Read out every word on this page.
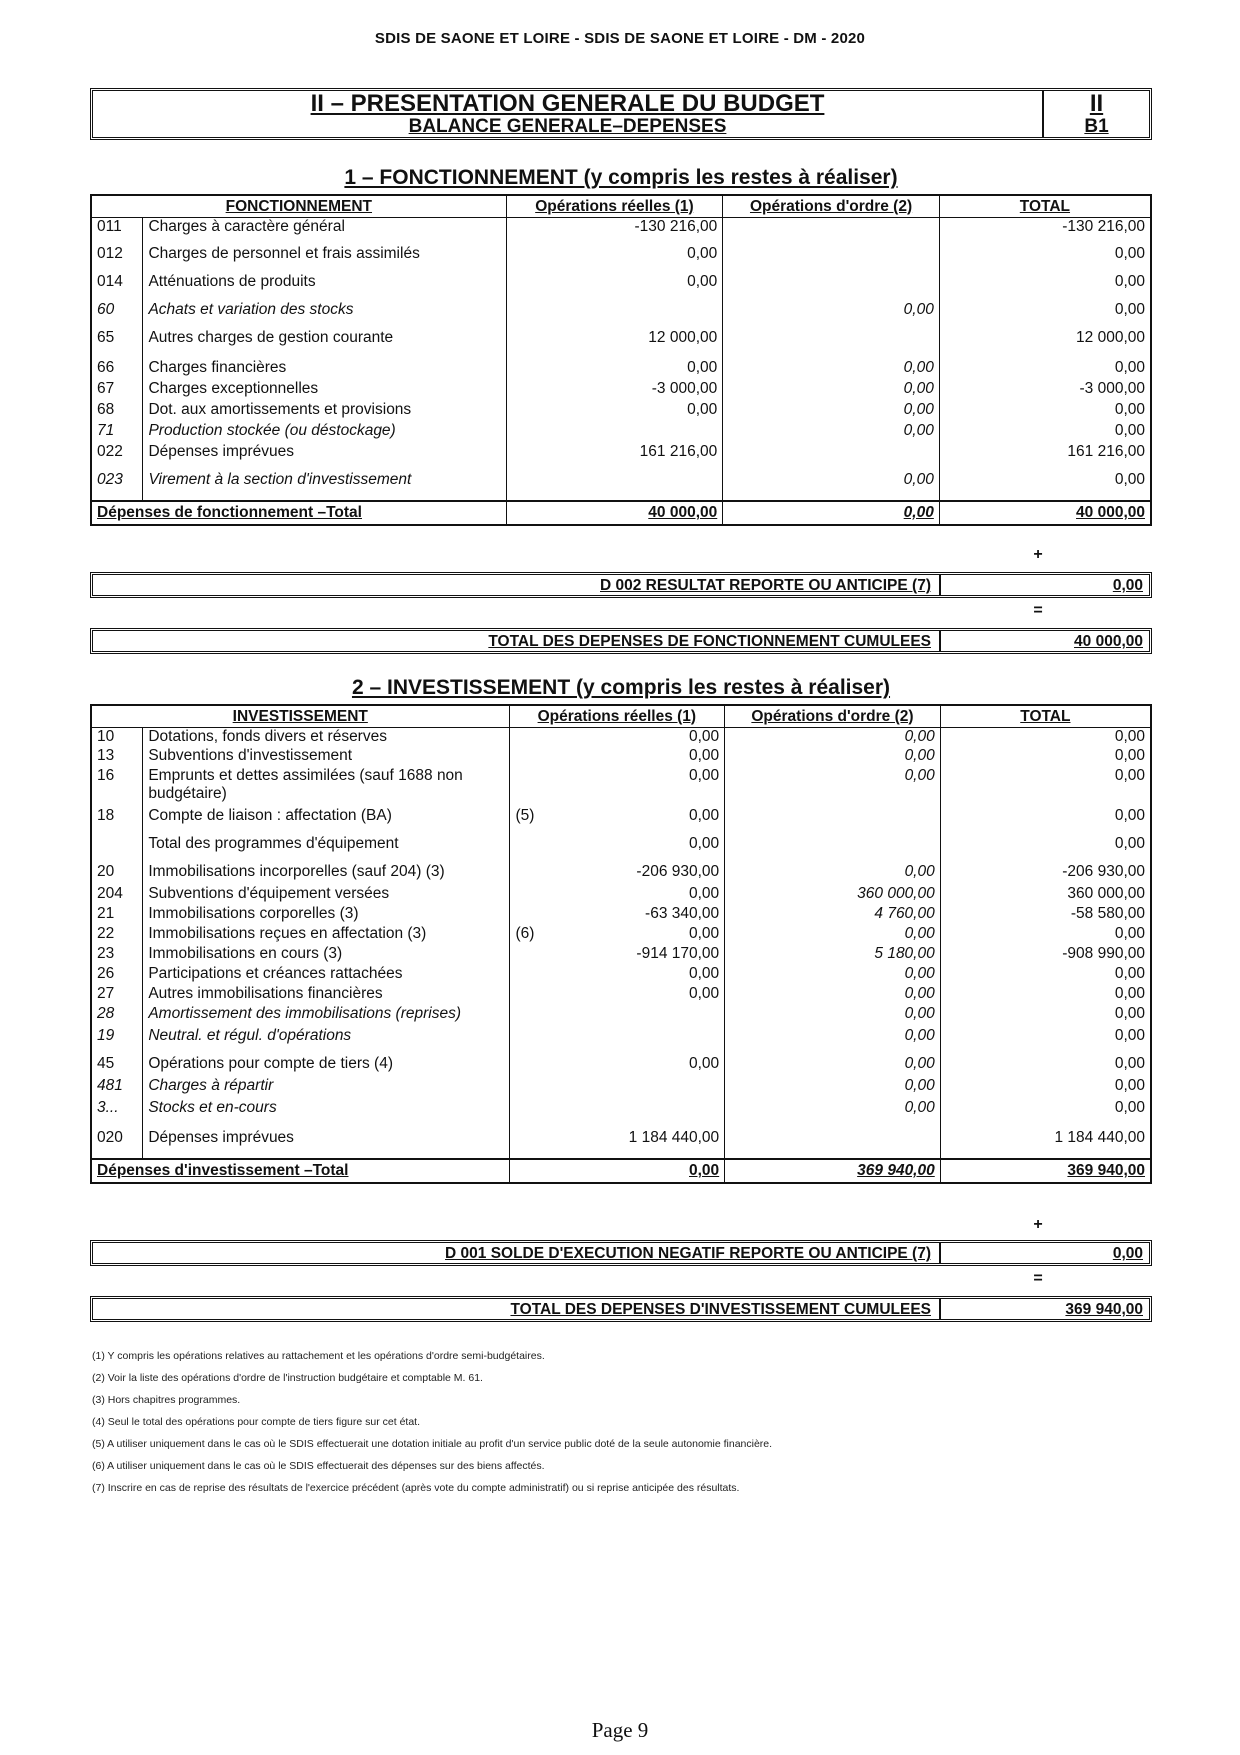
SDIS DE SAONE ET LOIRE - SDIS DE SAONE ET LOIRE - DM - 2020
II – PRESENTATION GENERALE DU BUDGET
BALANCE GENERALE–DEPENSES
II
B1
1 – FONCTIONNEMENT (y compris les restes à réaliser)
FONCTIONNEMENT		Opérations réelles (1)	Opérations d'ordre (2)	TOTAL
011	Charges à caractère général	-130 216,00		-130 216,00
012	Charges de personnel et frais assimilés	0,00		0,00
014	Atténuations de produits	0,00		0,00
60	Achats et variation des stocks		0,00	0,00
65	Autres charges de gestion courante	12 000,00		12 000,00
66	Charges financières	0,00	0,00	0,00
67	Charges exceptionnelles	-3 000,00	0,00	-3 000,00
68	Dot. aux amortissements et provisions	0,00	0,00	0,00
71	Production stockée (ou déstockage)		0,00	0,00
022	Dépenses imprévues	161 216,00		161 216,00
023	Virement à la section d'investissement		0,00	0,00
Dépenses de fonctionnement –Total		40 000,00	0,00	40 000,00
+
D 002 RESULTAT REPORTE OU ANTICIPE (7)	0,00
=
TOTAL DES DEPENSES DE FONCTIONNEMENT CUMULEES	40 000,00
2 – INVESTISSEMENT (y compris les restes à réaliser)
INVESTISSEMENT		Opérations réelles (1)	Opérations d'ordre (2)	TOTAL
10	Dotations, fonds divers et réserves	0,00	0,00	0,00
13	Subventions d'investissement	0,00	0,00	0,00
16	Emprunts et dettes assimilées (sauf 1688 non budgétaire)	0,00	0,00	0,00
18	Compte de liaison : affectation (BA)	(5) 0,00		0,00
	Total des programmes d'équipement	0,00		0,00
20	Immobilisations incorporelles (sauf 204) (3)	-206 930,00	0,00	-206 930,00
204	Subventions d'équipement versées	0,00	360 000,00	360 000,00
21	Immobilisations corporelles (3)	-63 340,00	4 760,00	-58 580,00
22	Immobilisations reçues en affectation (3)	(6) 0,00	0,00	0,00
23	Immobilisations en cours (3)	-914 170,00	5 180,00	-908 990,00
26	Participations et créances rattachées	0,00	0,00	0,00
27	Autres immobilisations financières	0,00	0,00	0,00
28	Amortissement des immobilisations (reprises)		0,00	0,00
19	Neutral. et régul. d'opérations		0,00	0,00
45	Opérations pour compte de tiers (4)	0,00	0,00	0,00
481	Charges à répartir		0,00	0,00
3...	Stocks et en-cours		0,00	0,00
020	Dépenses imprévues	1 184 440,00		1 184 440,00
Dépenses d'investissement –Total		0,00	369 940,00	369 940,00
+
D 001 SOLDE D'EXECUTION NEGATIF REPORTE OU ANTICIPE (7)	0,00
=
TOTAL DES DEPENSES D'INVESTISSEMENT CUMULEES	369 940,00
(1) Y compris les opérations relatives au rattachement et les opérations d'ordre semi-budgétaires.
(2) Voir la liste des opérations d'ordre de l'instruction budgétaire et comptable M. 61.
(3) Hors chapitres programmes.
(4) Seul le total des opérations pour compte de tiers figure sur cet état.
(5) A utiliser uniquement dans le cas où le SDIS effectuerait une dotation initiale au profit d'un service public doté de la seule autonomie financière.
(6) A utiliser uniquement dans le cas où le SDIS effectuerait des dépenses sur des biens affectés.
(7) Inscrire en cas de reprise des résultats de l'exercice précédent (après vote du compte administratif) ou si reprise anticipée des résultats.
Page 9
